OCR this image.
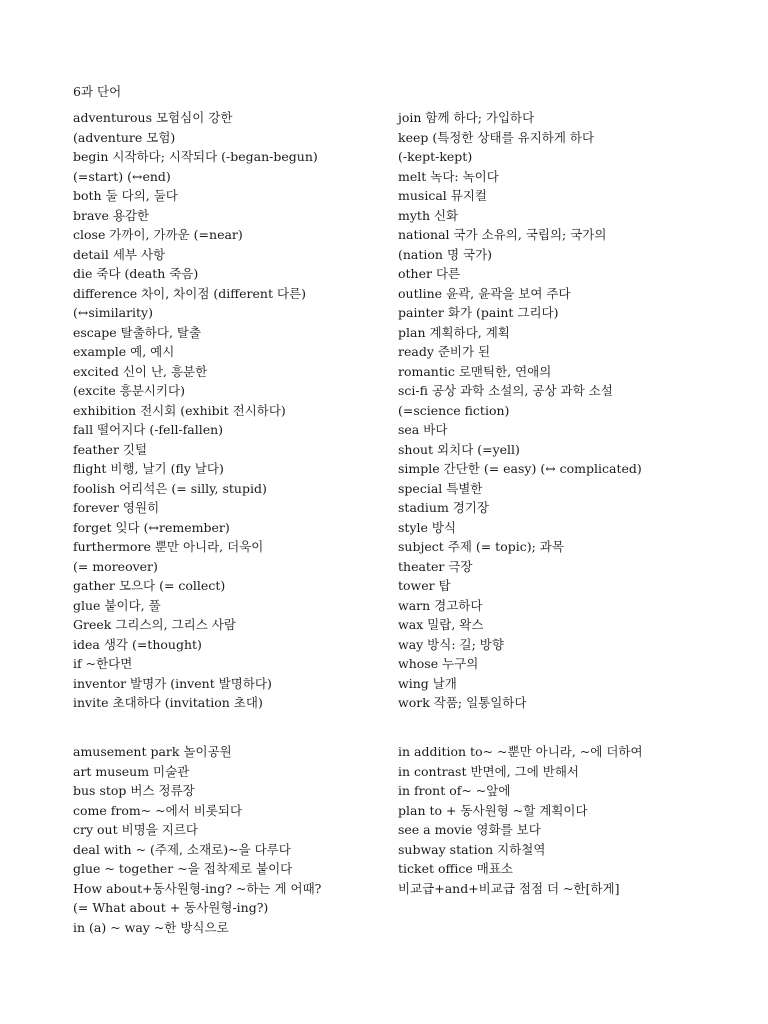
6과 단어
adventurous 모험심이 강한
(adventure 모험)
begin 시작하다; 시작되다 (-began-begun)
(=start) (↔end)
both 둘 다의, 둘다
brave 용감한
close 가까이, 가까운 (=near)
detail 세부 사항
die 죽다 (death 죽음)
difference 차이, 차이점 (different 다른)
(↔similarity)
escape 탈출하다, 탈출
example 예, 예시
excited 신이 난, 흥분한
(excite 흥분시키다)
exhibition 전시회 (exhibit 전시하다)
fall 떨어지다 (-fell-fallen)
feather 깃털
flight 비행, 날기 (fly 날다)
foolish 어리석은 (= silly, stupid)
forever 영원히
forget 잊다 (↔remember)
furthermore 뿐만 아니라, 더욱이
(= moreover)
gather 모으다 (= collect)
glue 붙이다, 풀
Greek 그리스의, 그리스 사람
idea 생각 (=thought)
if ~한다면
inventor 발명가 (invent 발명하다)
invite 초대하다 (invitation 초대)
join 함께 하다; 가입하다
keep (특정한 상태를 유지하게 하다
(-kept-kept)
melt 녹다: 녹이다
musical 뮤지컬
myth 신화
national 국가 소유의, 국립의; 국가의
(nation 명 국가)
other 다른
outline 윤곽, 윤곽을 보여 주다
painter 화가 (paint 그리다)
plan 계획하다, 계획
ready 준비가 된
romantic 로맨틱한, 연애의
sci-fi 공상 과학 소설의, 공상 과학 소설
(=science fiction)
sea 바다
shout 외치다 (=yell)
simple 간단한 (= easy) (↔ complicated)
special 특별한
stadium 경기장
style 방식
subject 주제 (= topic); 과목
theater 극장
tower 탑
warn 경고하다
wax 밀랍, 왁스
way 방식: 길; 방향
whose 누구의
wing 날개
work 작품; 일통일하다
amusement park 놀이공원
art museum 미술관
bus stop 버스 정류장
come from~ ~에서 비롯되다
cry out 비명을 지르다
deal with ~ (주제, 소재로)~을 다루다
glue ~ together ~을 접착제로 붙이다
How about+동사원형-ing? ~하는 게 어때?
(= What about + 동사원형-ing?)
in (a) ~ way ~한 방식으로
in addition to~ ~뿐만 아니라, ~에 더하여
in contrast 반면에, 그에 반해서
in front of~ ~앞에
plan to + 동사원형 ~할 계획이다
see a movie 영화를 보다
subway station 지하철역
ticket office 매표소
비교급+and+비교급 점점 더 ~한[하게]
